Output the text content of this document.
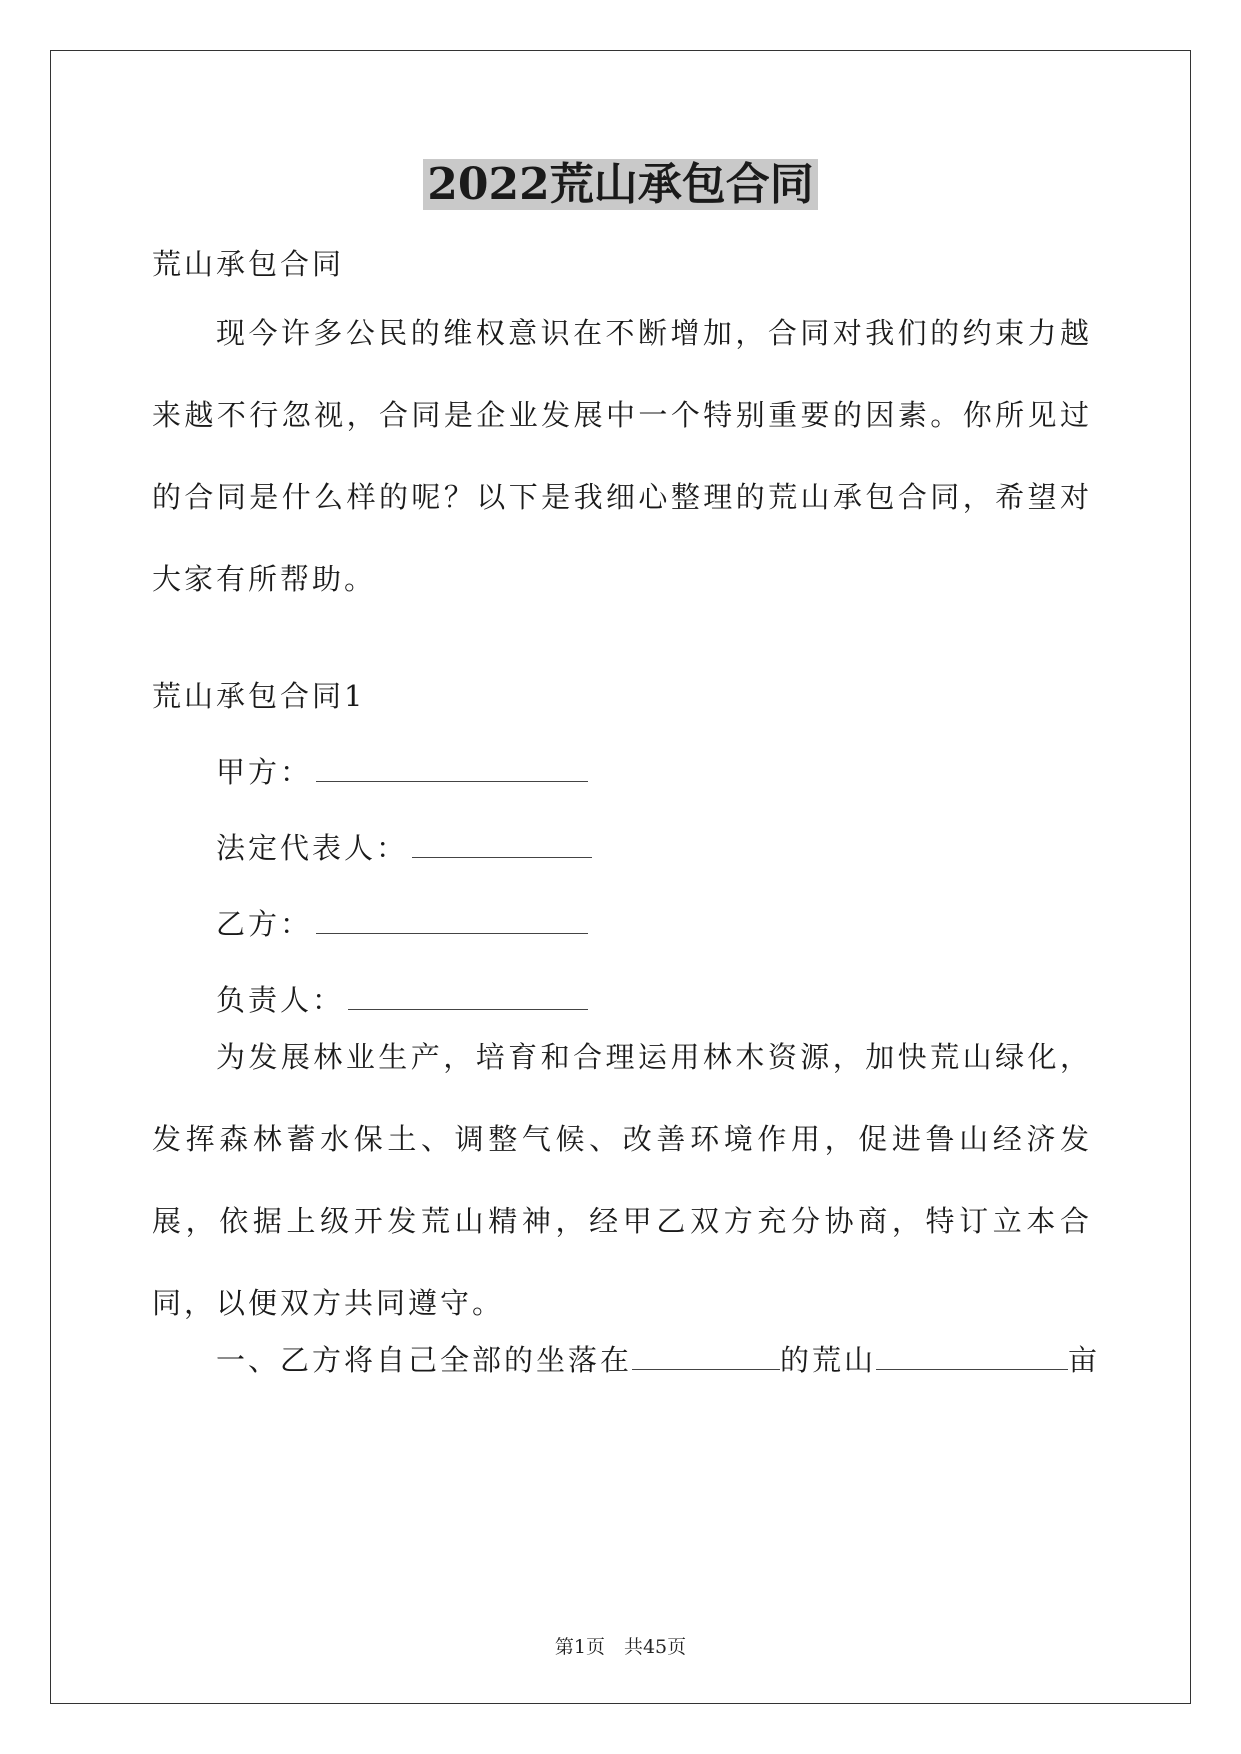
2022荒山承包合同
荒山承包合同
现今许多公民的维权意识在不断增加，合同对我们的约束力越来越不行忽视，合同是企业发展中一个特别重要的因素。你所见过的合同是什么样的呢？以下是我细心整理的荒山承包合同，希望对大家有所帮助。
荒山承包合同1
甲方：
法定代表人：
乙方：
负责人：
为发展林业生产，培育和合理运用林木资源，加快荒山绿化，发挥森林蓄水保土、调整气候、改善环境作用，促进鲁山经济发展，依据上级开发荒山精神，经甲乙双方充分协商，特订立本合同，以便双方共同遵守。
一、乙方将自己全部的坐落在	的荒山	亩
第1页　共45页
